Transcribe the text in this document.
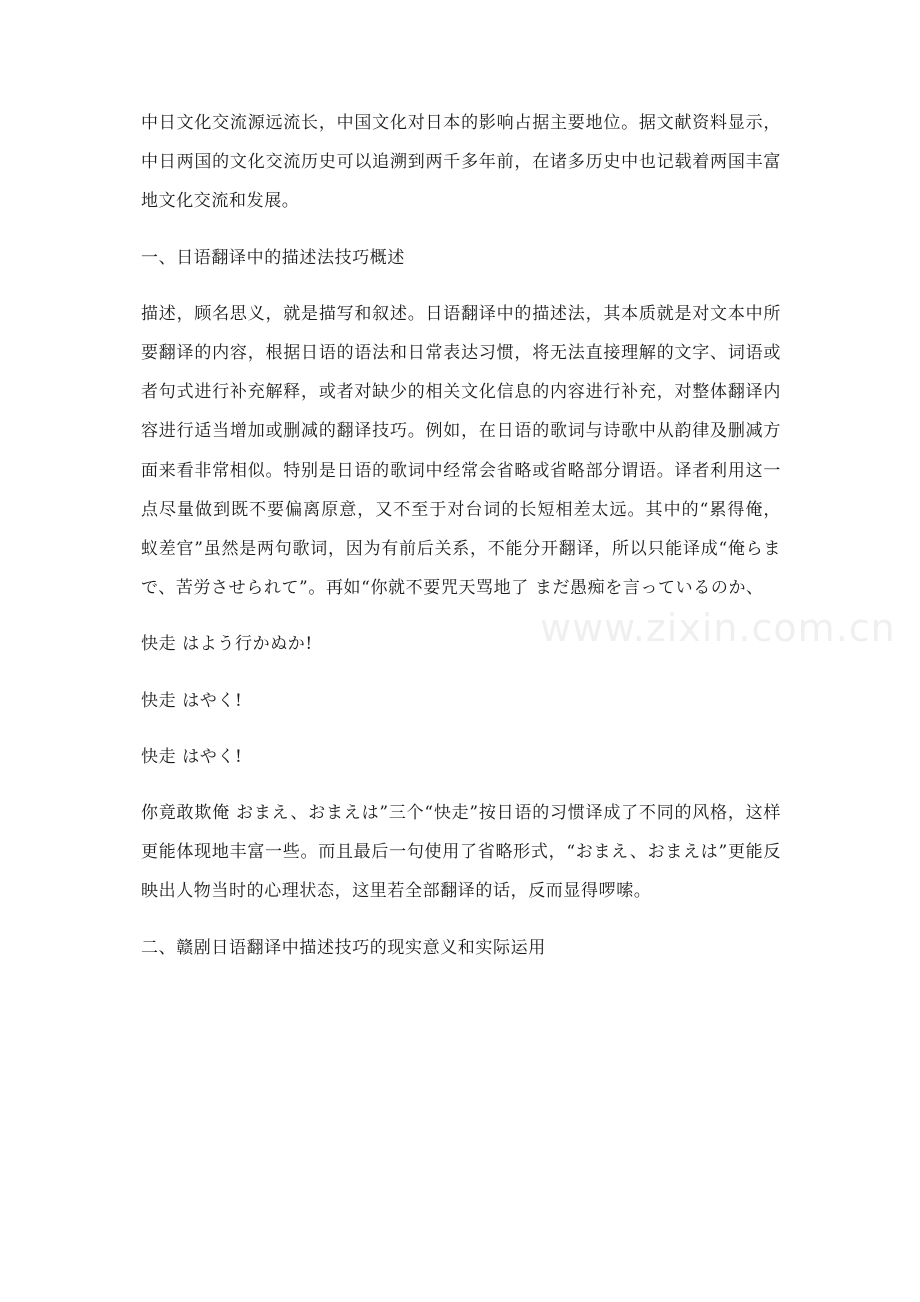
中日文化交流源远流长，中国文化对日本的影响占据主要地位。据文献资料显示，中日两国的文化交流历史可以追溯到两千多年前，在诸多历史中也记载着两国丰富地文化交流和发展。

一、日语翻译中的描述法技巧概述

描述，顾名思义，就是描写和叙述。日语翻译中的描述法，其本质就是对文本中所要翻译的内容，根据日语的语法和日常表达习惯，将无法直接理解的文字、词语或者句式进行补充解释，或者对缺少的相关文化信息的内容进行补充，对整体翻译内容进行适当增加或删减的翻译技巧。例如，在日语的歌词与诗歌中从韵律及删减方面来看非常相似。特别是日语的歌词中经常会省略或省略部分谓语。译者利用这一点尽量做到既不要偏离原意，又不至于对台词的长短相差太远。其中的“累得俺，蚁差官”虽然是两句歌词，因为有前后关系，不能分开翻译，所以只能译成“俺らまで、苦労させられて”。再如“你就不要咒天骂地了 まだ愚痴を言っているのか、

快走 はよう行かぬか!

快走 はやく!

快走 はやく!

你竟敢欺俺 おまえ、おまえは”三个“快走”按日语的习惯译成了不同的风格，这样更能体现地丰富一些。而且最后一句使用了省略形式，“おまえ、おまえは”更能反映出人物当时的心理状态，这里若全部翻译的话，反而显得啰嗦。

二、赣剧日语翻译中描述技巧的现实意义和实际运用

www.zixin.com.cn
